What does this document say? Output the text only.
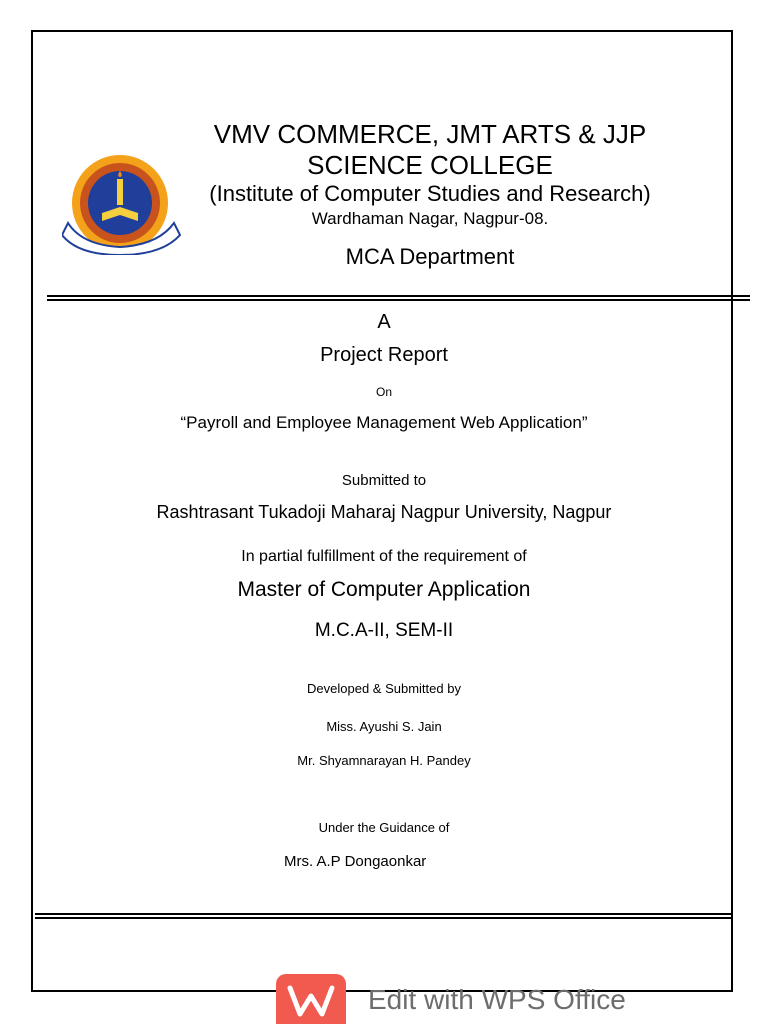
VMV COMMERCE, JMT ARTS & JJP
SCIENCE COLLEGE
(Institute of Computer Studies and Research)
Wardhaman Nagar, Nagpur-08.
MCA Department
A
Project Report
On
“Payroll and Employee Management Web Application”
Submitted to
Rashtrasant Tukadoji Maharaj Nagpur University, Nagpur
In partial fulfillment of the requirement of
Master of Computer Application
M.C.A-II, SEM-II
Developed & Submitted by
Miss. Ayushi S. Jain
Mr. Shyamnarayan H. Pandey
Under the Guidance of
Mrs. A.P Dongaonkar
Edit with WPS Office
